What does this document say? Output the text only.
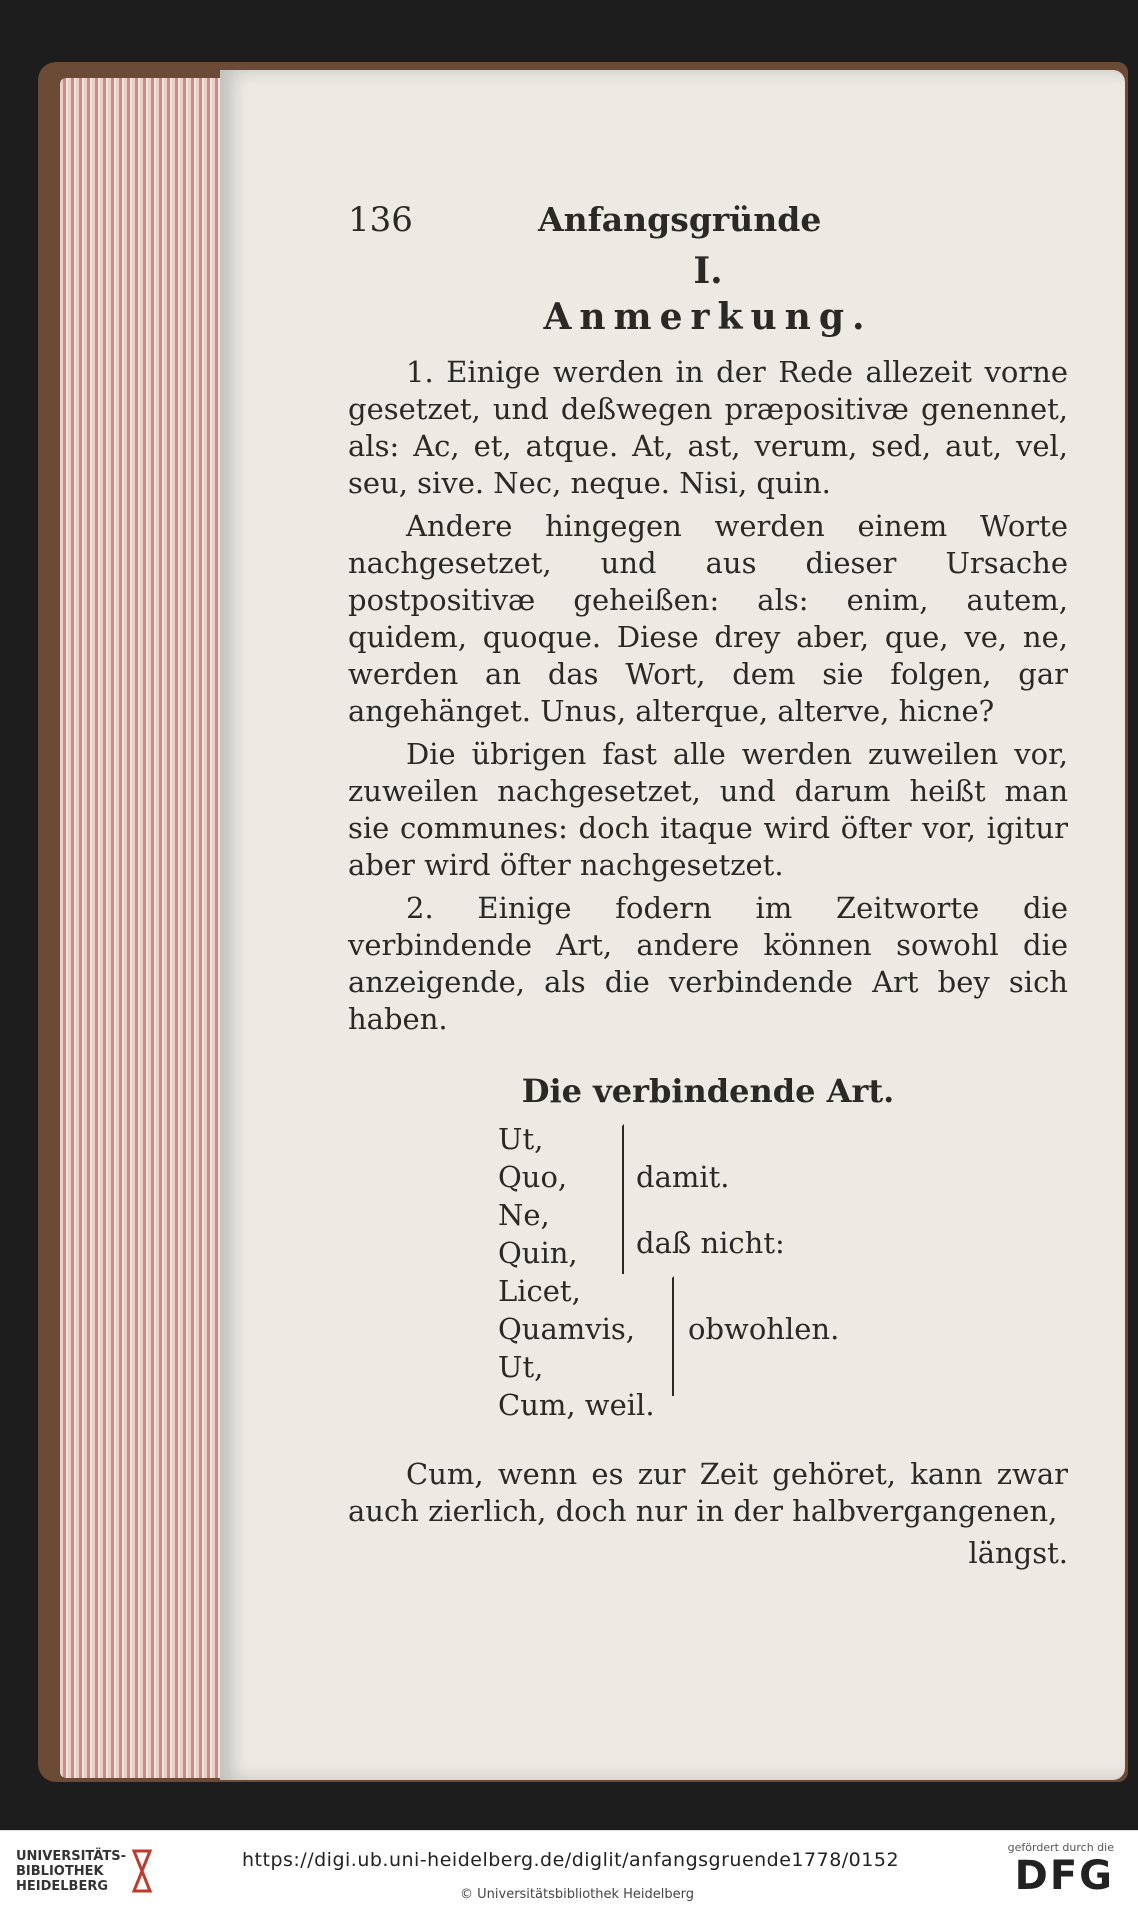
136	Anfangsgründe
I.
Anmerkung.

1. Einige werden in der Rede allezeit vorne gesetzet, und deßwegen præpositivæ genennet, als: Ac, et, atque. At, ast, verum, sed, aut, vel, seu, sive. Nec, neque. Nisi, quin.

Andere hingegen werden einem Worte nachgesetzet, und aus dieser Ursache postpositivæ geheißen: als: enim, autem, quidem, quoque. Diese drey aber, que, ve, ne, werden an das Wort, dem sie folgen, gar angehänget. Unus, alterque, alterve, hicne?

Die übrigen fast alle werden zuweilen vor, zuweilen nachgesetzet, und darum heißt man sie communes: doch itaque wird öfter vor, igitur aber wird öfter nachgesetzet.

2. Einige fodern im Zeitworte die verbindende Art, andere können sowohl die anzeigende, als die verbindende Art bey sich haben.

Die verbindende Art.
Ut,
Quo,
Ne,
Quin,
Licet,
Quamvis,
Ut,
Cum, weil.
damit.
daß nicht:
obwohlen.

Cum, wenn es zur Zeit gehöret, kann zwar auch zierlich, doch nur in der halbvergangenen,

längst.
UNIVERSITÄTS-
BIBLIOTHEK
HEIDELBERG
https://digi.ub.uni-heidelberg.de/diglit/anfangsgruende1778/0152
© Universitätsbibliothek Heidelberg
gefördert durch die
DFG
